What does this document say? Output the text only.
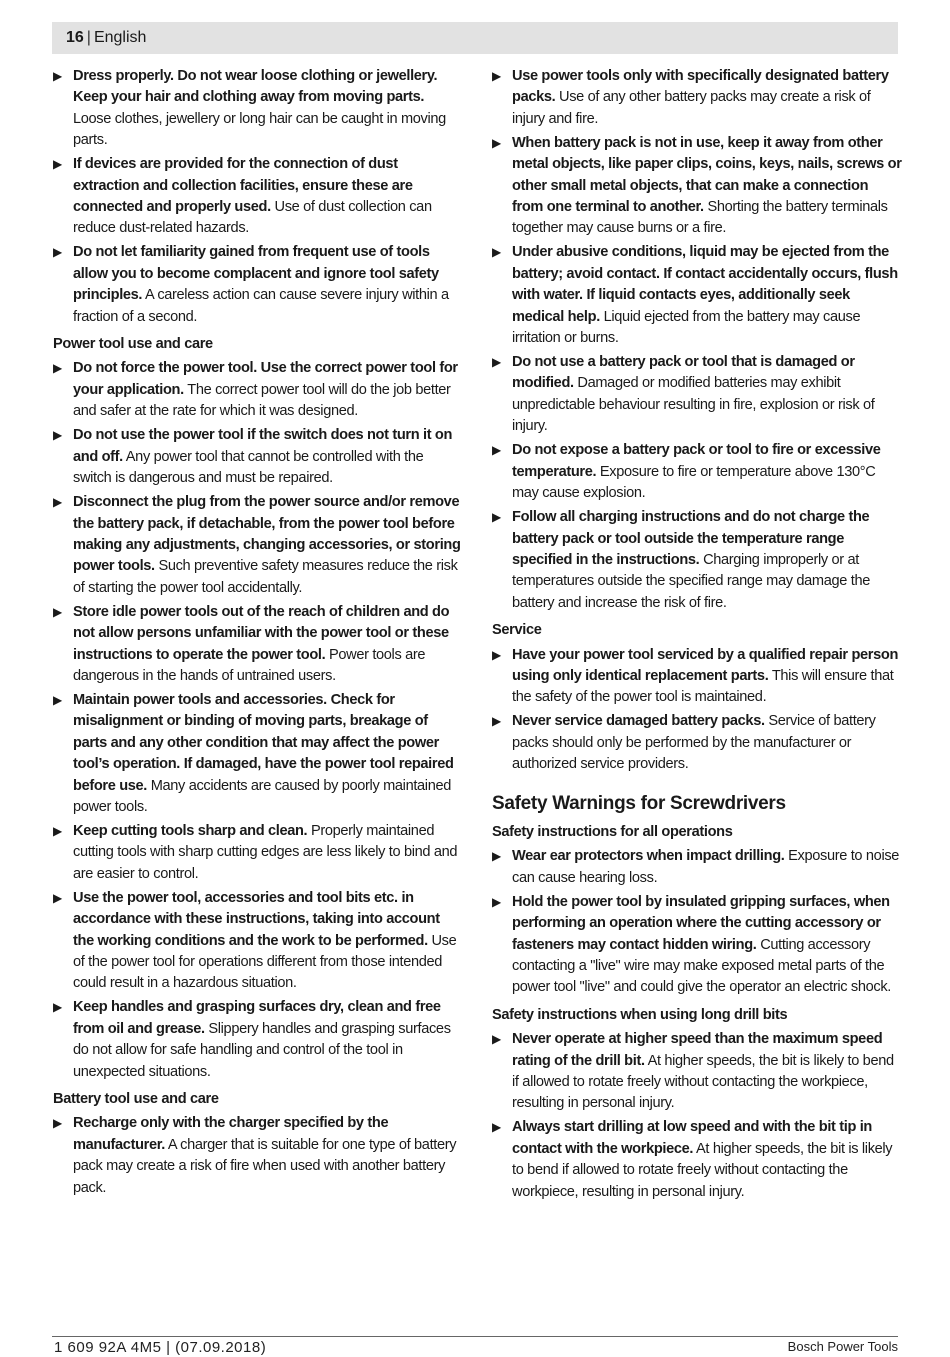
16 | English
▶ Dress properly. Do not wear loose clothing or jewellery. Keep your hair and clothing away from moving parts. Loose clothes, jewellery or long hair can be caught in moving parts.
▶ If devices are provided for the connection of dust extraction and collection facilities, ensure these are connected and properly used. Use of dust collection can reduce dust-related hazards.
▶ Do not let familiarity gained from frequent use of tools allow you to become complacent and ignore tool safety principles. A careless action can cause severe injury within a fraction of a second.
Power tool use and care
▶ Do not force the power tool. Use the correct power tool for your application. The correct power tool will do the job better and safer at the rate for which it was designed.
▶ Do not use the power tool if the switch does not turn it on and off. Any power tool that cannot be controlled with the switch is dangerous and must be repaired.
▶ Disconnect the plug from the power source and/or remove the battery pack, if detachable, from the power tool before making any adjustments, changing accessories, or storing power tools. Such preventive safety measures reduce the risk of starting the power tool accidentally.
▶ Store idle power tools out of the reach of children and do not allow persons unfamiliar with the power tool or these instructions to operate the power tool. Power tools are dangerous in the hands of untrained users.
▶ Maintain power tools and accessories. Check for misalignment or binding of moving parts, breakage of parts and any other condition that may affect the power tool’s operation. If damaged, have the power tool repaired before use. Many accidents are caused by poorly maintained power tools.
▶ Keep cutting tools sharp and clean. Properly maintained cutting tools with sharp cutting edges are less likely to bind and are easier to control.
▶ Use the power tool, accessories and tool bits etc. in accordance with these instructions, taking into account the working conditions and the work to be performed. Use of the power tool for operations different from those intended could result in a hazardous situation.
▶ Keep handles and grasping surfaces dry, clean and free from oil and grease. Slippery handles and grasping surfaces do not allow for safe handling and control of the tool in unexpected situations.
Battery tool use and care
▶ Recharge only with the charger specified by the manufacturer. A charger that is suitable for one type of battery pack may create a risk of fire when used with another battery pack.
▶ Use power tools only with specifically designated battery packs. Use of any other battery packs may create a risk of injury and fire.
▶ When battery pack is not in use, keep it away from other metal objects, like paper clips, coins, keys, nails, screws or other small metal objects, that can make a connection from one terminal to another. Shorting the battery terminals together may cause burns or a fire.
▶ Under abusive conditions, liquid may be ejected from the battery; avoid contact. If contact accidentally occurs, flush with water. If liquid contacts eyes, additionally seek medical help. Liquid ejected from the battery may cause irritation or burns.
▶ Do not use a battery pack or tool that is damaged or modified. Damaged or modified batteries may exhibit unpredictable behaviour resulting in fire, explosion or risk of injury.
▶ Do not expose a battery pack or tool to fire or excessive temperature. Exposure to fire or temperature above 130°C may cause explosion.
▶ Follow all charging instructions and do not charge the battery pack or tool outside the temperature range specified in the instructions. Charging improperly or at temperatures outside the specified range may damage the battery and increase the risk of fire.
Service
▶ Have your power tool serviced by a qualified repair person using only identical replacement parts. This will ensure that the safety of the power tool is maintained.
▶ Never service damaged battery packs. Service of battery packs should only be performed by the manufacturer or authorized service providers.
Safety Warnings for Screwdrivers
Safety instructions for all operations
▶ Wear ear protectors when impact drilling. Exposure to noise can cause hearing loss.
▶ Hold the power tool by insulated gripping surfaces, when performing an operation where the cutting accessory or fasteners may contact hidden wiring. Cutting accessory contacting a "live" wire may make exposed metal parts of the power tool "live" and could give the operator an electric shock.
Safety instructions when using long drill bits
▶ Never operate at higher speed than the maximum speed rating of the drill bit. At higher speeds, the bit is likely to bend if allowed to rotate freely without contacting the workpiece, resulting in personal injury.
▶ Always start drilling at low speed and with the bit tip in contact with the workpiece. At higher speeds, the bit is likely to bend if allowed to rotate freely without contacting the workpiece, resulting in personal injury.
1 609 92A 4M5 | (07.09.2018)	Bosch Power Tools
